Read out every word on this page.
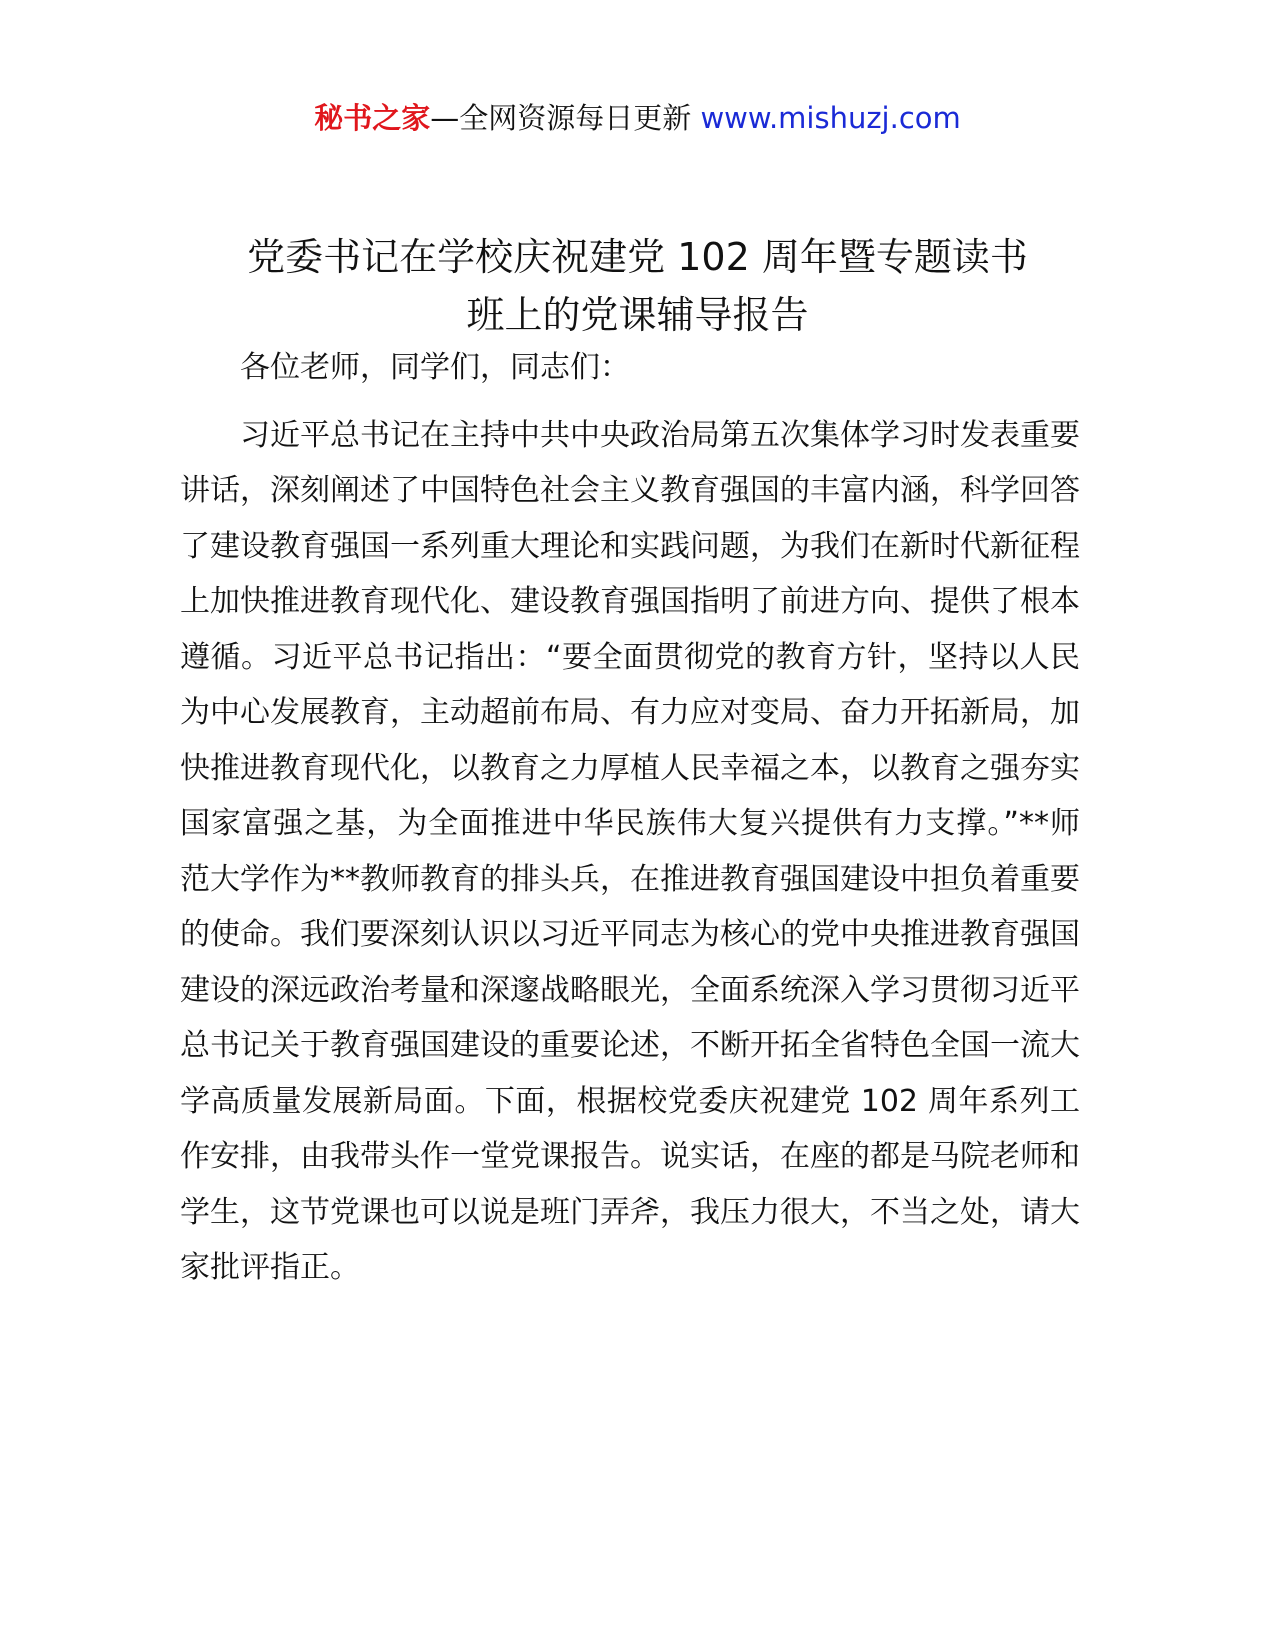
秘书之家—全网资源每日更新 www.mishuzj.com
党委书记在学校庆祝建党 102 周年暨专题读书
班上的党课辅导报告

各位老师，同学们，同志们：

习近平总书记在主持中共中央政治局第五次集体学习时发表重要讲话，深刻阐述了中国特色社会主义教育强国的丰富内涵，科学回答了建设教育强国一系列重大理论和实践问题，为我们在新时代新征程上加快推进教育现代化、建设教育强国指明了前进方向、提供了根本遵循。习近平总书记指出：“要全面贯彻党的教育方针，坚持以人民为中心发展教育，主动超前布局、有力应对变局、奋力开拓新局，加快推进教育现代化，以教育之力厚植人民幸福之本，以教育之强夯实国家富强之基，为全面推进中华民族伟大复兴提供有力支撑。”**师范大学作为**教师教育的排头兵，在推进教育强国建设中担负着重要的使命。我们要深刻认识以习近平同志为核心的党中央推进教育强国建设的深远政治考量和深邃战略眼光，全面系统深入学习贯彻习近平总书记关于教育强国建设的重要论述，不断开拓全省特色全国一流大学高质量发展新局面。下面，根据校党委庆祝建党 102 周年系列工作安排，由我带头作一堂党课报告。说实话，在座的都是马院老师和学生，这节党课也可以说是班门弄斧，我压力很大，不当之处，请大家批评指正。
